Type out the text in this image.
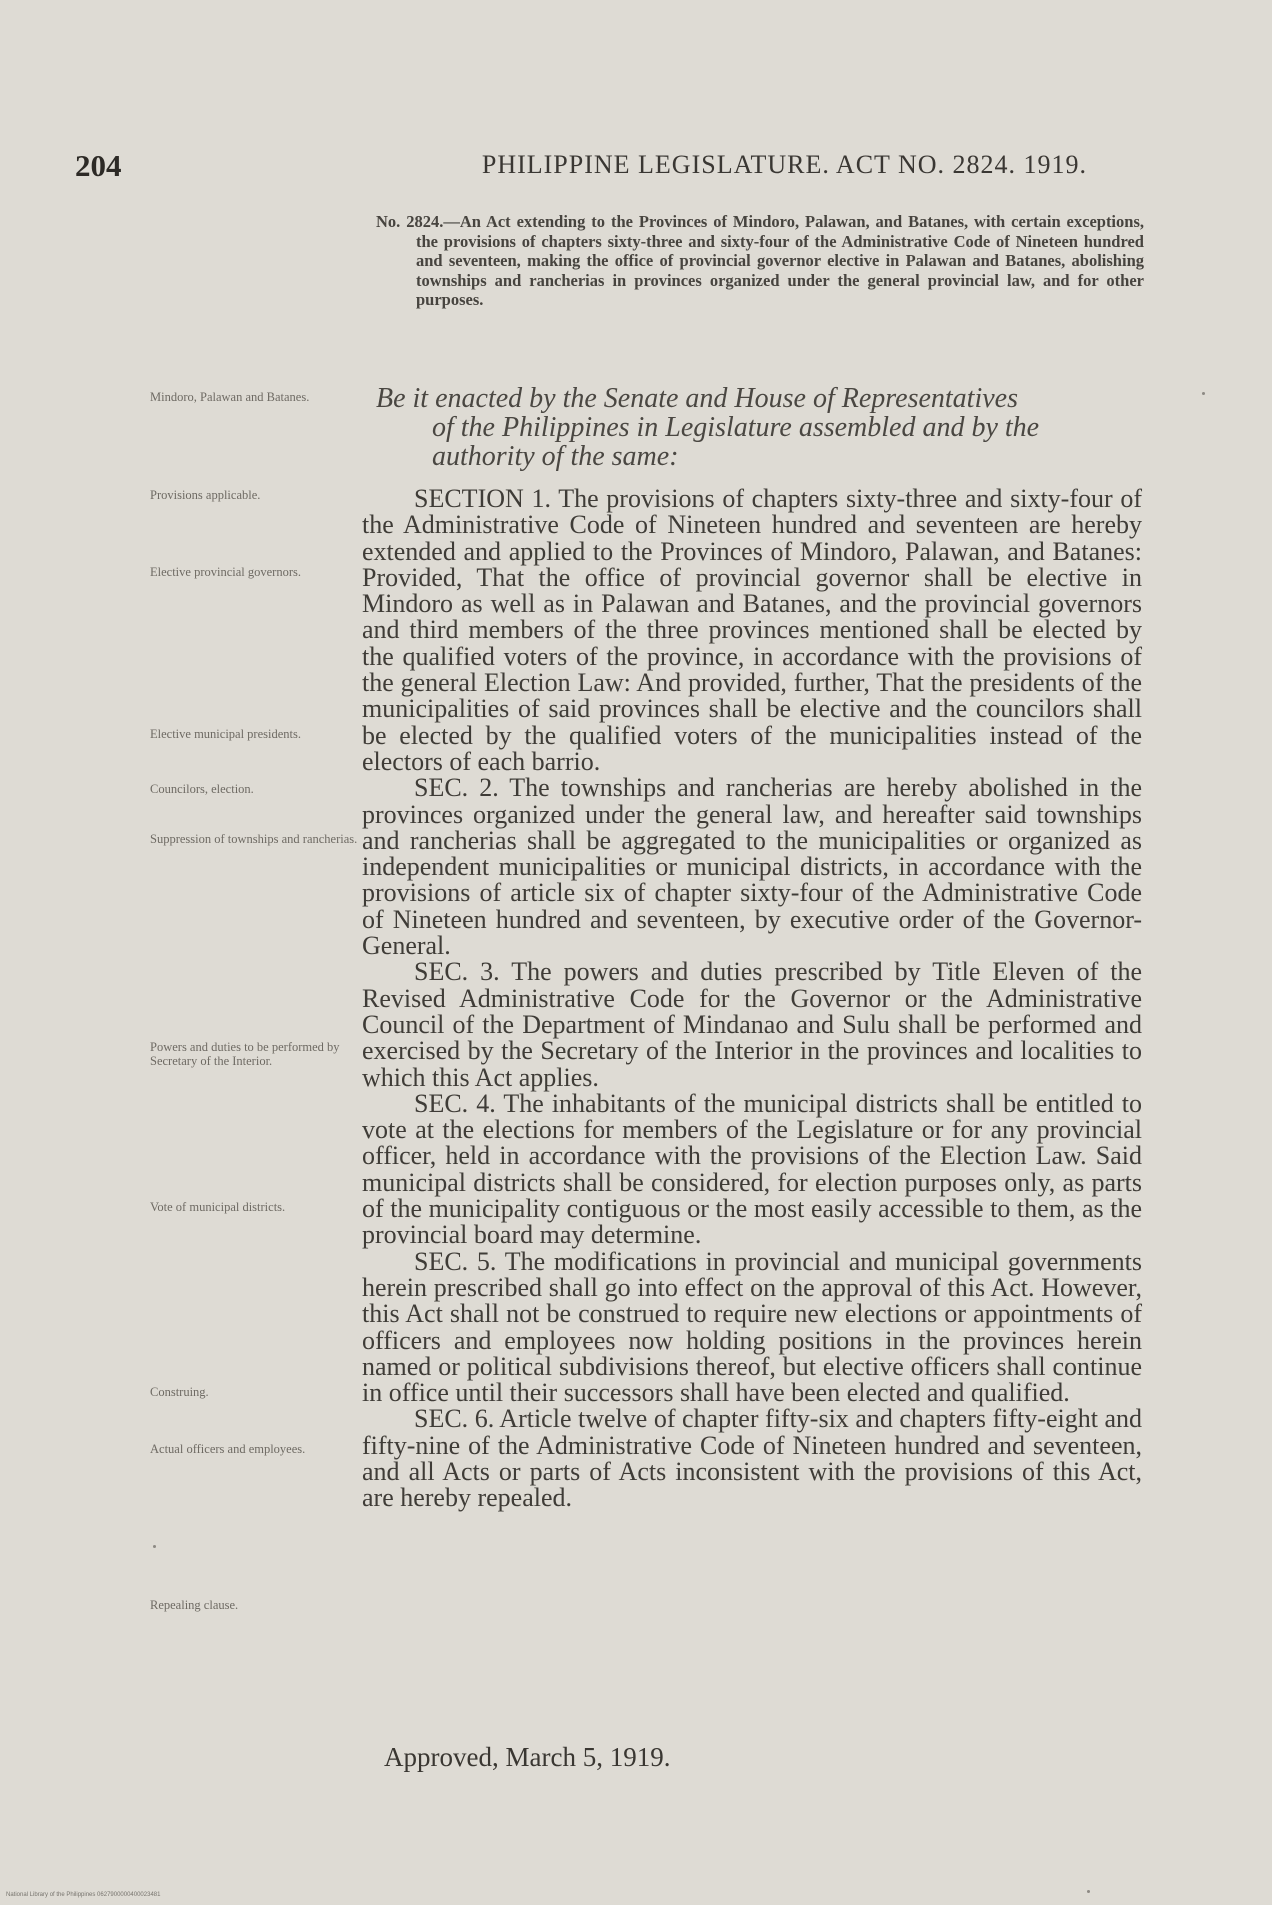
204	PHILIPPINE LEGISLATURE. ACT NO. 2824. 1919.
No. 2824.—An Act extending to the Provinces of Mindoro, Palawan, and Batanes, with certain exceptions, the provisions of chapters sixty-three and sixty-four of the Administrative Code of Nineteen hundred and seventeen, making the office of provincial governor elective in Palawan and Batanes, abolishing townships and rancherias in provinces organized under the general provincial law, and for other purposes.
Be it enacted by the Senate and House of Representatives
of the Philippines in Legislature assembled and by the authority of the same:

SECTION 1. The provisions of chapters sixty-three and sixty-four of the Administrative Code of Nineteen hundred and seventeen are hereby extended and applied to the Provinces of Mindoro, Palawan, and Batanes: Provided, That the office of provincial governor shall be elective in Mindoro as well as in Palawan and Batanes, and the provincial governors and third members of the three provinces mentioned shall be elected by the qualified voters of the province, in accordance with the provisions of the general Election Law: And provided, further, That the presidents of the municipalities of said provinces shall be elective and the councilors shall be elected by the qualified voters of the municipalities instead of the electors of each barrio.

SEC. 2. The townships and rancherias are hereby abolished in the provinces organized under the general law, and hereafter said townships and rancherias shall be aggregated to the municipalities or organized as independent municipalities or municipal districts, in accordance with the provisions of article six of chapter sixty-four of the Administrative Code of Nineteen hundred and seventeen, by executive order of the Governor-General.

SEC. 3. The powers and duties prescribed by Title Eleven of the Revised Administrative Code for the Governor or the Administrative Council of the Department of Mindanao and Sulu shall be performed and exercised by the Secretary of the Interior in the provinces and localities to which this Act applies.

SEC. 4. The inhabitants of the municipal districts shall be entitled to vote at the elections for members of the Legislature or for any provincial officer, held in accordance with the provisions of the Election Law. Said municipal districts shall be considered, for election purposes only, as parts of the municipality contiguous or the most easily accessible to them, as the provincial board may determine.

SEC. 5. The modifications in provincial and municipal governments herein prescribed shall go into effect on the approval of this Act. However, this Act shall not be construed to require new elections or appointments of officers and employees now holding positions in the provinces herein named or political subdivisions thereof, but elective officers shall continue in office until their successors shall have been elected and qualified.

SEC. 6. Article twelve of chapter fifty-six and chapters fifty-eight and fifty-nine of the Administrative Code of Nineteen hundred and seventeen, and all Acts or parts of Acts inconsistent with the provisions of this Act, are hereby repealed.

Approved, March 5, 1919.
Mindoro, Palawan and Batanes.
Provisions applicable.
Elective provincial governors.
Elective municipal presidents.
Councilors, election.
Suppression of townships and rancherias.
Powers and duties to be performed by Secretary of the Interior.
Vote of municipal districts.
Construing.
Actual officers and employees.
Repealing clause.
National Library of the Philippines 0627900000400023481
